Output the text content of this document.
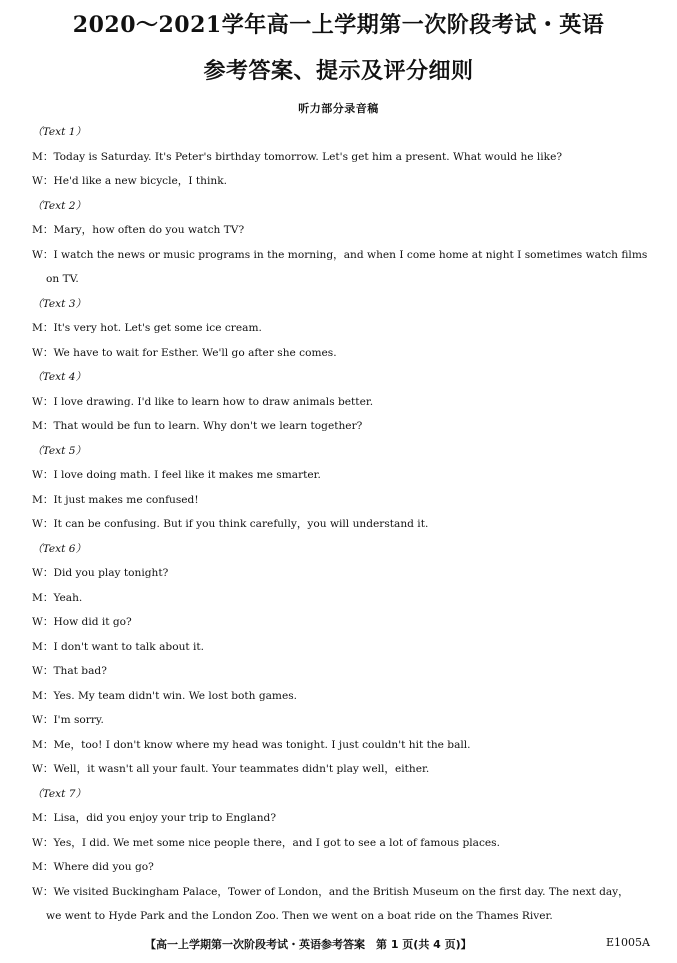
2020～2021学年高一上学期第一次阶段考试・英语
参考答案、提示及评分细则
听力部分录音稿
（Text 1）
M：Today is Saturday. It's Peter's birthday tomorrow. Let's get him a present. What would he like?
W：He'd like a new bicycle，I think.
（Text 2）
M：Mary，how often do you watch TV?
W：I watch the news or music programs in the morning，and when I come home at night I sometimes watch films
on TV.
（Text 3）
M：It's very hot. Let's get some ice cream.
W：We have to wait for Esther. We'll go after she comes.
（Text 4）
W：I love drawing. I'd like to learn how to draw animals better.
M：That would be fun to learn. Why don't we learn together?
（Text 5）
W：I love doing math. I feel like it makes me smarter.
M：It just makes me confused!
W：It can be confusing. But if you think carefully，you will understand it.
（Text 6）
W：Did you play tonight?
M：Yeah.
W：How did it go?
M：I don't want to talk about it.
W：That bad?
M：Yes. My team didn't win. We lost both games.
W：I'm sorry.
M：Me，too! I don't know where my head was tonight. I just couldn't hit the ball.
W：Well，it wasn't all your fault. Your teammates didn't play well，either.
（Text 7）
M：Lisa，did you enjoy your trip to England?
W：Yes，I did. We met some nice people there，and I got to see a lot of famous places.
M：Where did you go?
W：We visited Buckingham Palace，Tower of London，and the British Museum on the first day. The next day，
we went to Hyde Park and the London Zoo. Then we went on a boat ride on the Thames River.
【高一上学期第一次阶段考试・英语参考答案　第 1 页(共 4 页)】	E1005A
